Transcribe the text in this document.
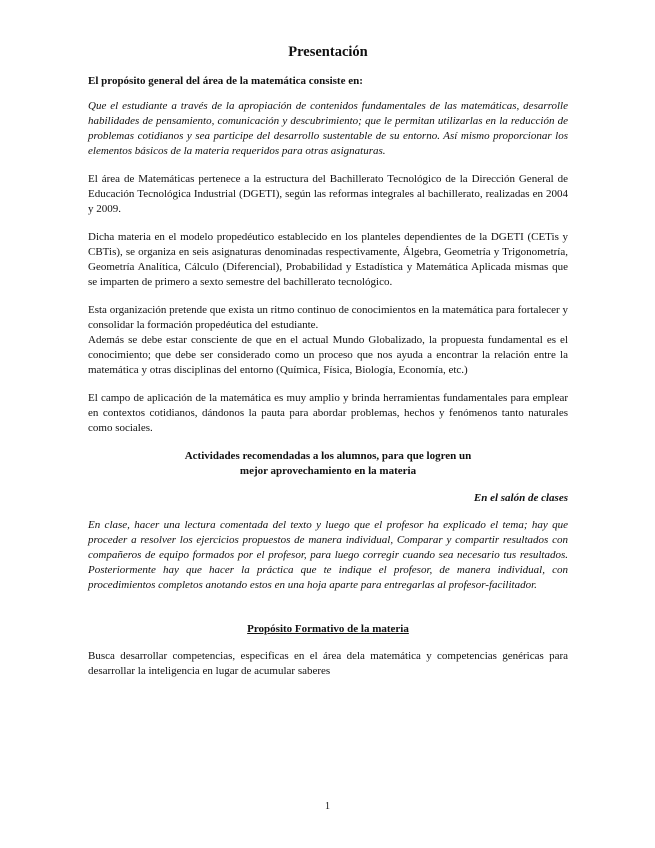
Presentación
El propósito general del área de la matemática consiste en:

Que el estudiante a través de la apropiación de contenidos fundamentales de las matemáticas, desarrolle habilidades de pensamiento, comunicación y descubrimiento; que le permitan utilizarlas en la reducción de problemas cotidianos y sea participe del desarrollo sustentable de su entorno. Así mismo proporcionar los elementos básicos de la materia requeridos para otras asignaturas.

El área de Matemáticas pertenece a la estructura del Bachillerato Tecnológico de la Dirección General de Educación Tecnológica Industrial (DGETI), según las reformas integrales al bachillerato, realizadas en 2004 y 2009.

Dicha materia en el modelo propedéutico establecido en los planteles dependientes de la DGETI (CETis y CBTis), se organiza en seis asignaturas denominadas respectivamente, Álgebra, Geometría y Trigonometría, Geometría Analítica, Cálculo (Diferencial), Probabilidad y Estadística y Matemática Aplicada mismas que se imparten de primero a sexto semestre del bachillerato tecnológico.

Esta organización pretende que exista un ritmo continuo de conocimientos en la matemática para fortalecer y consolidar la formación propedéutica del estudiante.

Además se debe estar consciente de que en el actual Mundo Globalizado, la propuesta fundamental es el conocimiento; que debe ser considerado como un proceso que nos ayuda a encontrar la relación entre la matemática y otras disciplinas del entorno (Química, Física, Biología, Economía, etc.)

El campo de aplicación de la matemática es muy amplio y brinda herramientas fundamentales para emplear en contextos cotidianos, dándonos la pauta para abordar problemas, hechos y fenómenos tanto naturales como sociales.

Actividades recomendadas a los alumnos, para que logren un
mejor aprovechamiento en la materia
En el salón de clases

En clase, hacer una lectura comentada del texto y luego que el profesor ha explicado el tema; hay que proceder a resolver los ejercicios propuestos de manera individual, Comparar y compartir resultados con compañeros de equipo formados por el profesor, para luego corregir cuando sea necesario tus resultados. Posteriormente hay que hacer la práctica que te indique el profesor, de manera individual, con procedimientos completos anotando estos en una hoja aparte para entregarlas al profesor-facilitador.

Propósito Formativo de la materia

Busca desarrollar competencias, especificas en el área dela matemática y competencias genéricas para desarrollar la inteligencia en lugar de acumular saberes

1
